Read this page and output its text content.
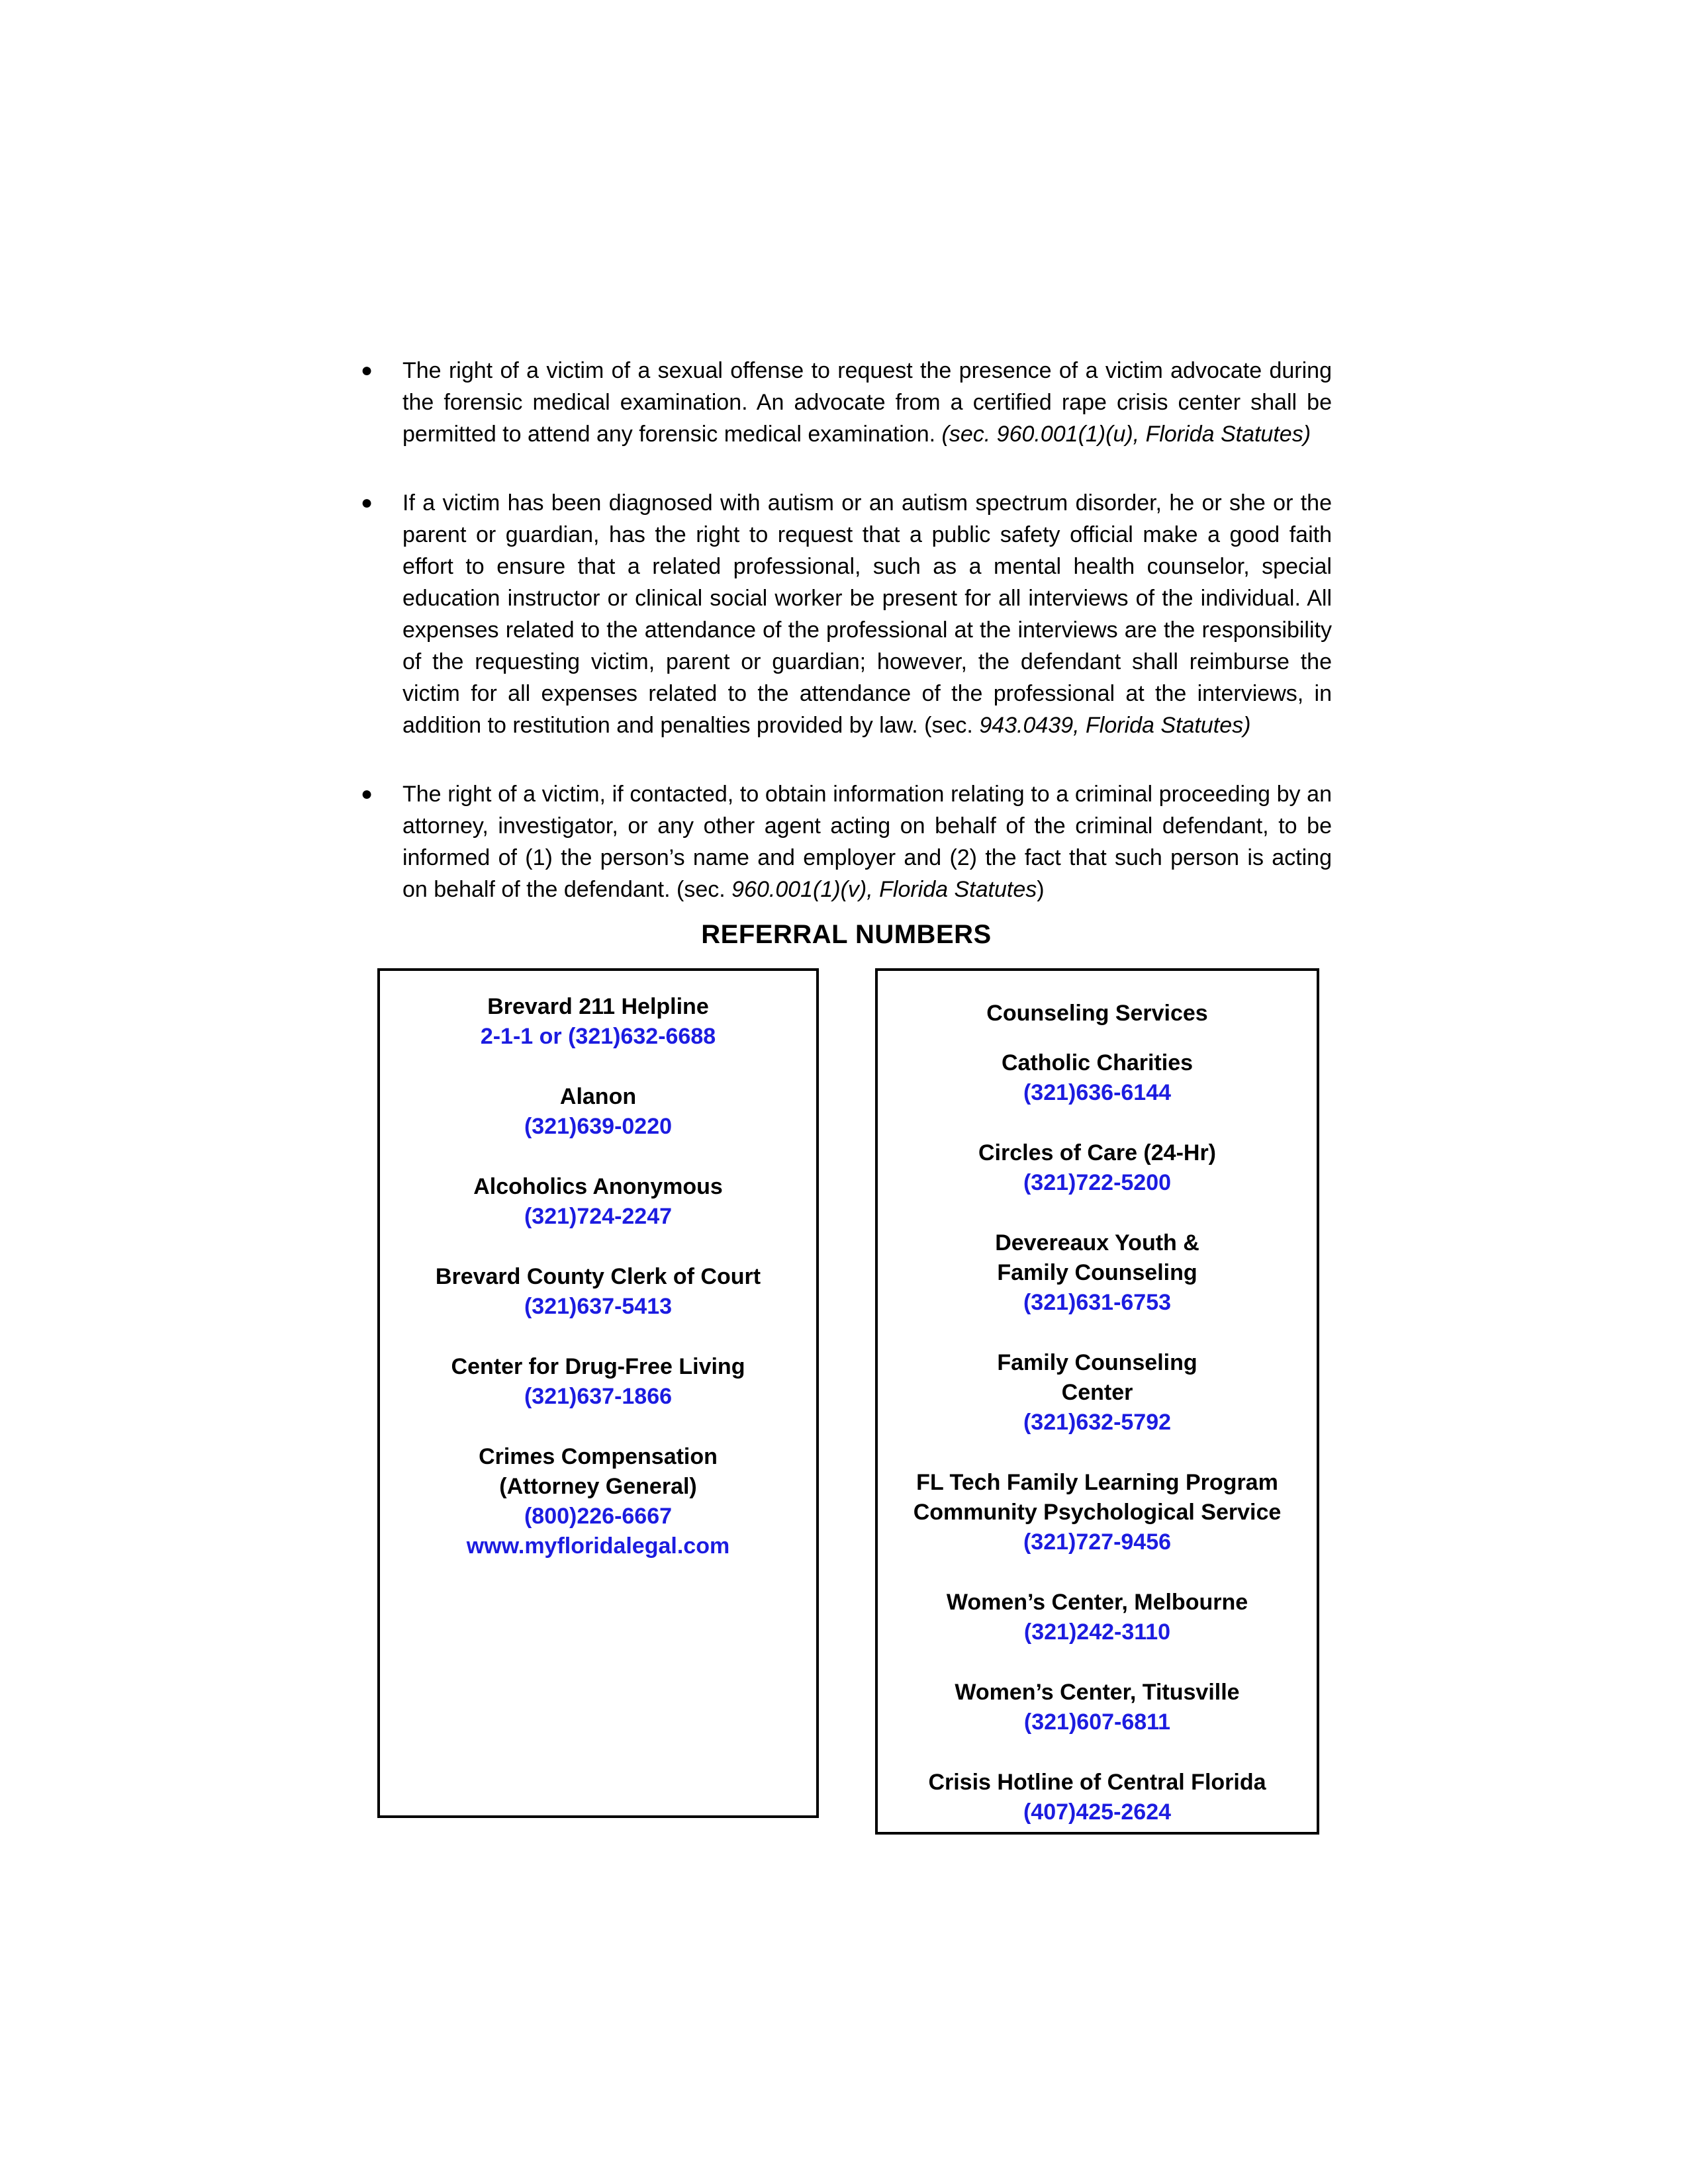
● The right of a victim of a sexual offense to request the presence of a victim advocate during the forensic medical examination. An advocate from a certified rape crisis center shall be permitted to attend any forensic medical examination. (sec. 960.001(1)(u), Florida Statutes)
● If a victim has been diagnosed with autism or an autism spectrum disorder, he or she or the parent or guardian, has the right to request that a public safety official make a good faith effort to ensure that a related professional, such as a mental health counselor, special education instructor or clinical social worker be present for all interviews of the individual. All expenses related to the attendance of the professional at the interviews are the responsibility of the requesting victim, parent or guardian; however, the defendant shall reimburse the victim for all expenses related to the attendance of the professional at the interviews, in addition to restitution and penalties provided by law. (sec. 943.0439, Florida Statutes)
● The right of a victim, if contacted, to obtain information relating to a criminal proceeding by an attorney, investigator, or any other agent acting on behalf of the criminal defendant, to be informed of (1) the person’s name and employer and (2) the fact that such person is acting on behalf of the defendant. (sec. 960.001(1)(v), Florida Statutes)
REFERRAL NUMBERS
Brevard 211 Helpline
2-1-1 or (321)632-6688
Alanon
(321)639-0220
Alcoholics Anonymous
(321)724-2247
Brevard County Clerk of Court
(321)637-5413
Center for Drug-Free Living
(321)637-1866
Crimes Compensation
(Attorney General)
(800)226-6667
www.myfloridalegal.com
Counseling Services
Catholic Charities
(321)636-6144
Circles of Care (24-Hr)
(321)722-5200
Devereaux Youth &
Family Counseling
(321)631-6753
Family Counseling
Center
(321)632-5792
FL Tech Family Learning Program
Community Psychological Service
(321)727-9456
Women’s Center, Melbourne
(321)242-3110
Women’s Center, Titusville
(321)607-6811
Crisis Hotline of Central Florida
(407)425-2624
